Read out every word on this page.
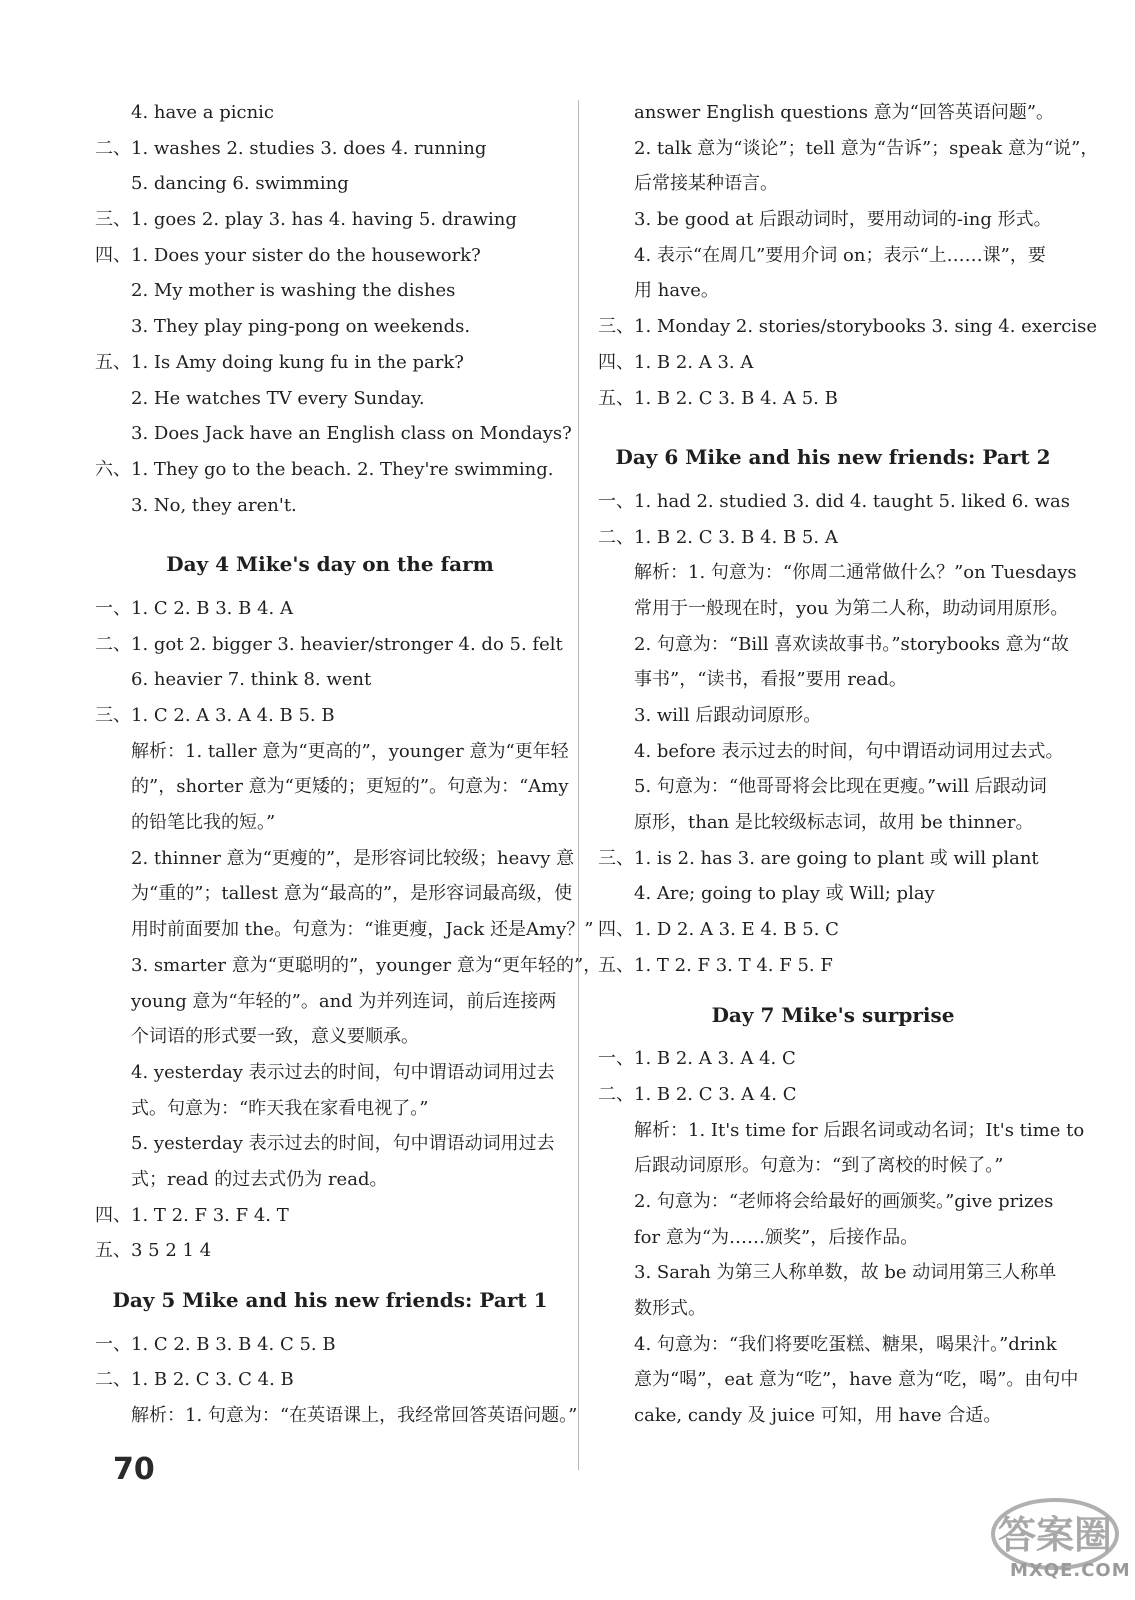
4. have a picnic
二、1. washes 2. studies 3. does 4. running
5. dancing 6. swimming
三、1. goes 2. play 3. has 4. having 5. drawing
四、1. Does your sister do the housework?
2. My mother is washing the dishes
3. They play ping-pong on weekends.
五、1. Is Amy doing kung fu in the park?
2. He watches TV every Sunday.
3. Does Jack have an English class on Mondays?
六、1. They go to the beach. 2. They're swimming.
3. No, they aren't.
Day 4 Mike's day on the farm
一、1. C 2. B 3. B 4. A
二、1. got 2. bigger 3. heavier/stronger 4. do 5. felt
6. heavier 7. think 8. went
三、1. C 2. A 3. A 4. B 5. B
解析：1. taller 意为“更高的”，younger 意为“更年轻
的”，shorter 意为“更矮的；更短的”。句意为：“Amy
的铅笔比我的短。”
2. thinner 意为“更瘦的”，是形容词比较级；heavy 意
为“重的”；tallest 意为“最高的”，是形容词最高级，使
用时前面要加 the。句意为：“谁更瘦，Jack 还是Amy？”
3. smarter 意为“更聪明的”，younger 意为“更年轻的”，
young 意为“年轻的”。and 为并列连词，前后连接两
个词语的形式要一致，意义要顺承。
4. yesterday 表示过去的时间，句中谓语动词用过去
式。句意为：“昨天我在家看电视了。”
5. yesterday 表示过去的时间，句中谓语动词用过去
式；read 的过去式仍为 read。
四、1. T 2. F 3. F 4. T
五、3 5 2 1 4
Day 5 Mike and his new friends: Part 1
一、1. C 2. B 3. B 4. C 5. B
二、1. B 2. C 3. C 4. B
解析：1. 句意为：“在英语课上，我经常回答英语问题。”
answer English questions 意为“回答英语问题”。
2. talk 意为“谈论”；tell 意为“告诉”；speak 意为“说”，
后常接某种语言。
3. be good at 后跟动词时，要用动词的-ing 形式。
4. 表示“在周几”要用介词 on；表示“上……课”，要
用 have。
三、1. Monday 2. stories/storybooks 3. sing 4. exercise
四、1. B 2. A 3. A
五、1. B 2. C 3. B 4. A 5. B
Day 6 Mike and his new friends: Part 2
一、1. had 2. studied 3. did 4. taught 5. liked 6. was
二、1. B 2. C 3. B 4. B 5. A
解析：1. 句意为：“你周二通常做什么？”on Tuesdays
常用于一般现在时，you 为第二人称，助动词用原形。
2. 句意为：“Bill 喜欢读故事书。”storybooks 意为“故
事书”，“读书，看报”要用 read。
3. will 后跟动词原形。
4. before 表示过去的时间，句中谓语动词用过去式。
5. 句意为：“他哥哥将会比现在更瘦。”will 后跟动词
原形，than 是比较级标志词，故用 be thinner。
三、1. is 2. has 3. are going to plant 或 will plant
4. Are; going to play 或 Will; play
四、1. D 2. A 3. E 4. B 5. C
五、1. T 2. F 3. T 4. F 5. F
Day 7 Mike's surprise
一、1. B 2. A 3. A 4. C
二、1. B 2. C 3. A 4. C
解析：1. It's time for 后跟名词或动名词；It's time to
后跟动词原形。句意为：“到了离校的时候了。”
2. 句意为：“老师将会给最好的画颁奖。”give prizes
for 意为“为……颁奖”，后接作品。
3. Sarah 为第三人称单数，故 be 动词用第三人称单
数形式。
4. 句意为：“我们将要吃蛋糕、糖果，喝果汁。”drink
意为“喝”，eat 意为“吃”，have 意为“吃，喝”。由句中
cake, candy 及 juice 可知，用 have 合适。
70
答案圈
MXQE.COM
